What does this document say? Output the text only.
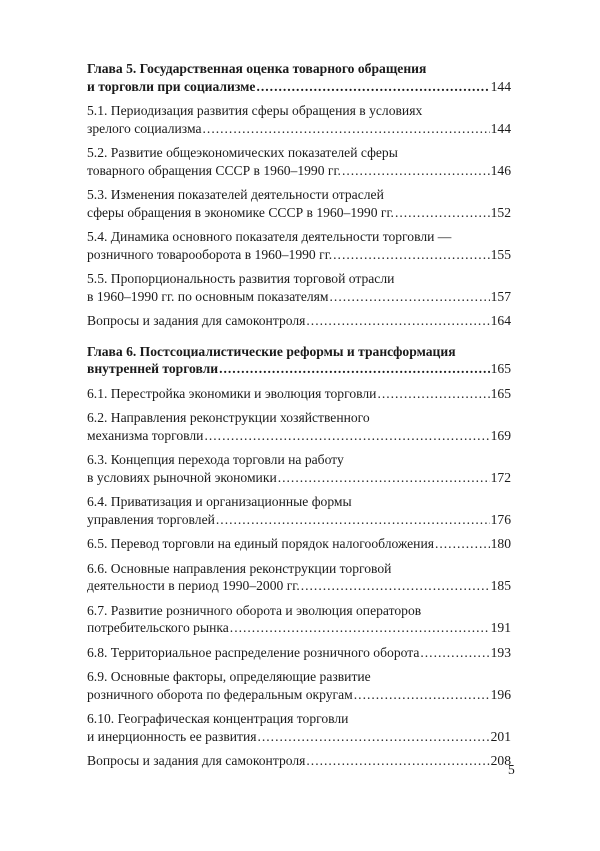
Глава 5. Государственная оценка товарного обращения
и торговли при социализме .....	144
5.1. Периодизация развития сферы обращения в условиях
зрелого социализма .....	144
5.2. Развитие общеэкономических показателей сферы
товарного обращения СССР в 1960–1990 гг. .....	146
5.3. Изменения показателей деятельности отраслей
сферы обращения в экономике СССР в 1960–1990 гг. .....	152
5.4. Динамика основного показателя деятельности торговли —
розничного товарооборота в 1960–1990 гг. .....	155
5.5. Пропорциональность развития торговой отрасли
в 1960–1990 гг. по основным показателям .....	157
Вопросы и задания для самоконтроля .....	164
Глава 6. Постсоциалистические реформы и трансформация
внутренней торговли .....	165
6.1. Перестройка экономики и эволюция торговли .....	165
6.2. Направления реконструкции хозяйственного
механизма торговли .....	169
6.3. Концепция перехода торговли на работу
в условиях рыночной экономики .....	172
6.4. Приватизация и организационные формы
управления торговлей .....	176
6.5. Перевод торговли на единый порядок налогообложения .....	180
6.6. Основные направления реконструкции торговой
деятельности в период 1990–2000 гг. .....	185
6.7. Развитие розничного оборота и эволюция операторов
потребительского рынка .....	191
6.8. Территориальное распределение розничного оборота .....	193
6.9. Основные факторы, определяющие развитие
розничного оборота по федеральным округам .....	196
6.10. Географическая концентрация торговли
и инерционность ее развития .....	201
Вопросы и задания для самоконтроля .....	208
5
